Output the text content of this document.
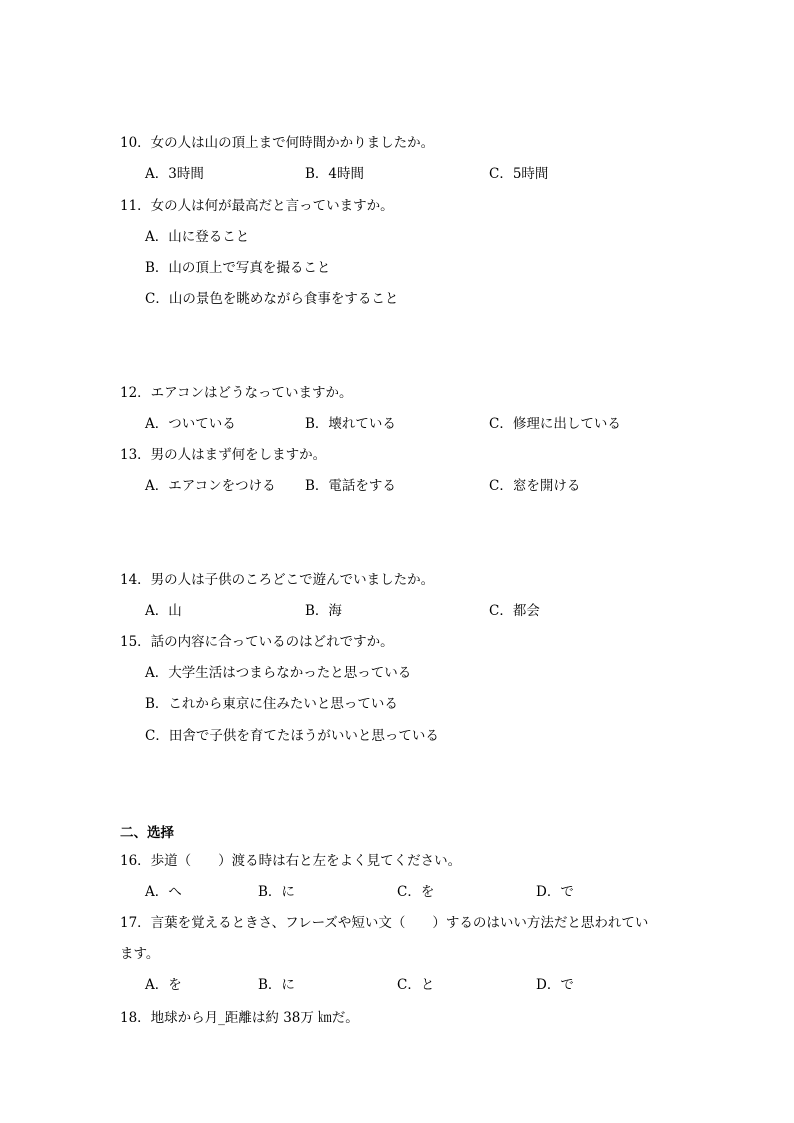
10．女の人は山の頂上まで何時間かかりましたか。
A．3時間	B．4時間	C．5時間
11．女の人は何が最高だと言っていますか。
A．山に登ること
B．山の頂上で写真を撮ること
C．山の景色を眺めながら食事をすること
12．エアコンはどうなっていますか。
A．ついている	B．壊れている	C．修理に出している
13．男の人はまず何をしますか。
A．エアコンをつける B．電話をする	C．窓を開ける
14．男の人は子供のころどこで遊んでいましたか。
A．山	B．海	C．都会
15．話の内容に合っているのはどれですか。
A．大学生活はつまらなかったと思っている
B．これから東京に住みたいと思っている
C．田舎で子供を育てたほうがいいと思っている
二、选择
16．歩道（　　）渡る時は右と左をよく見てください。
A．へ	B．に	C．を	D．で
17．言葉を覚えるときさ、フレーズや短い文（　　）するのはいい方法だと思われてい
ます。
A．を	B．に	C．と	D．で
18．地球から月_距離は約 38万 ㎞だ。
